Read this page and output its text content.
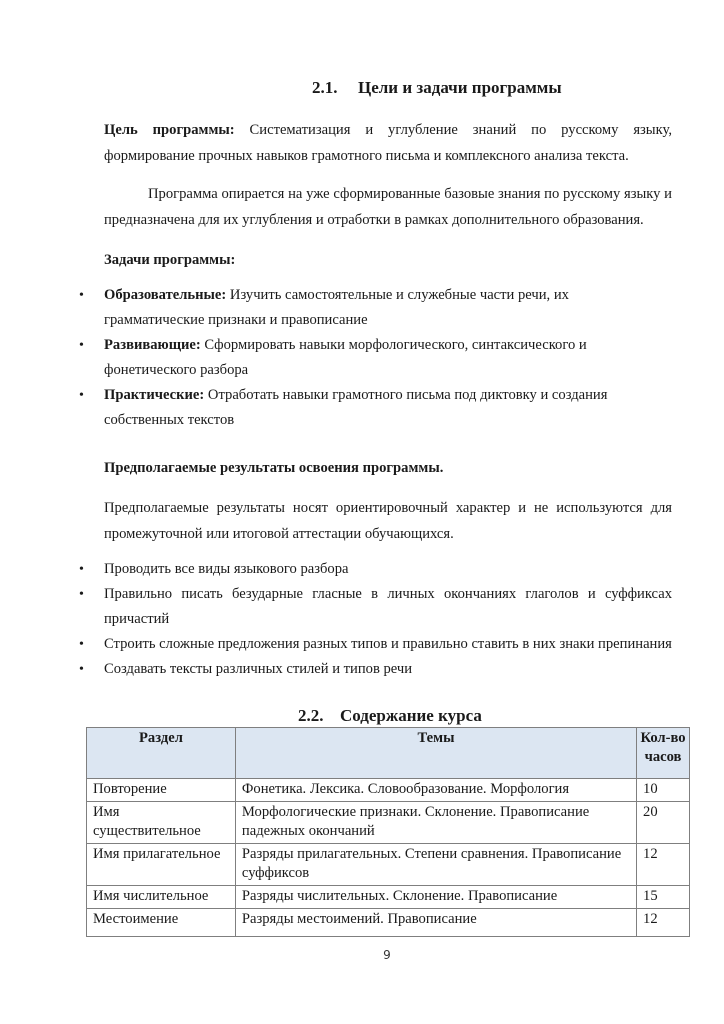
2.1. Цели и задачи программы
Цель программы: Систематизация и углубление знаний по русскому языку,
формирование прочных навыков грамотного письма и комплексного анализа текста.
Программа опирается на уже сформированные базовые знания по русскому языку и предназначена для их углубления и отработки в рамках дополнительного образования.
Задачи программы:
• Образовательные: Изучить самостоятельные и служебные части речи, их
грамматические признаки и правописание
• Развивающие: Сформировать навыки морфологического, синтаксического и
фонетического разбора
• Практические: Отработать навыки грамотного письма под диктовку и создания
собственных текстов
Предполагаемые результаты освоения программы.
Предполагаемые результаты носят ориентировочный характер и не используются для промежуточной или итоговой аттестации обучающихся.
• Проводить все виды языкового разбора
• Правильно писать безударные гласные в личных окончаниях глаголов и суффиксах причастий
• Строить сложные предложения разных типов и правильно ставить в них знаки препинания
• Создавать тексты различных стилей и типов речи
2.2. Содержание курса
Раздел	Темы	Кол-во часов
Повторение	Фонетика. Лексика. Словообразование. Морфология	10
Имя существительное	Морфологические признаки. Склонение. Правописание падежных окончаний	20
Имя прилагательное	Разряды прилагательных. Степени сравнения. Правописание суффиксов	12
Имя числительное	Разряды числительных. Склонение. Правописание	15
Местоимение	Разряды местоимений. Правописание	12
9
